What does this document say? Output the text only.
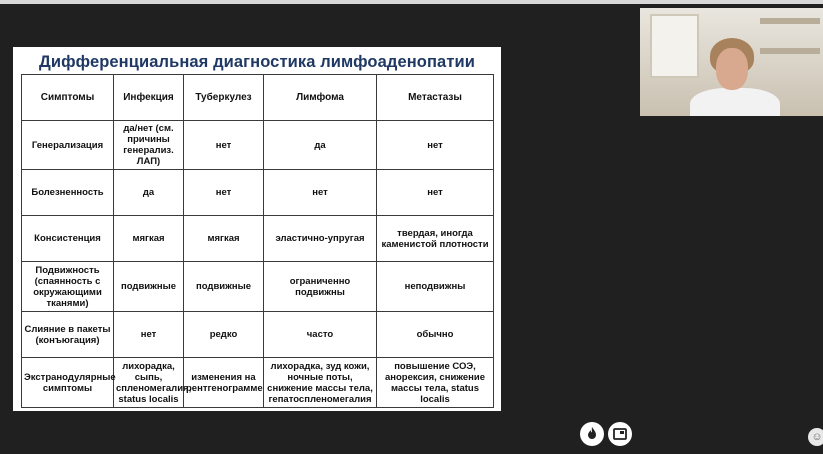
Дифференциальная диагностика лимфоаденопатии
Симптомы	Инфекция	Туберкулез	Лимфома	Метастазы
Генерализация	да/нет (см. причины генерализ. ЛАП)	нет	да	нет
Болезненность	да	нет	нет	нет
Консистенция	мягкая	мягкая	эластично-упругая	твердая, иногда каменистой плотности
Подвижность (спаянность с окружающими тканями)	подвижные	подвижные	ограниченно подвижны	неподвижны
Слияние в пакеты (конъюгация)	нет	редко	часто	обычно
Экстранодулярные симптомы	лихорадка, сыпь, спленомегалия, status localis	изменения на рентгенограмме	лихорадка, зуд кожи, ночные поты, снижение массы тела, гепатоспленомегалия	повышение СОЭ, анорексия, снижение массы тела, status localis
☺
